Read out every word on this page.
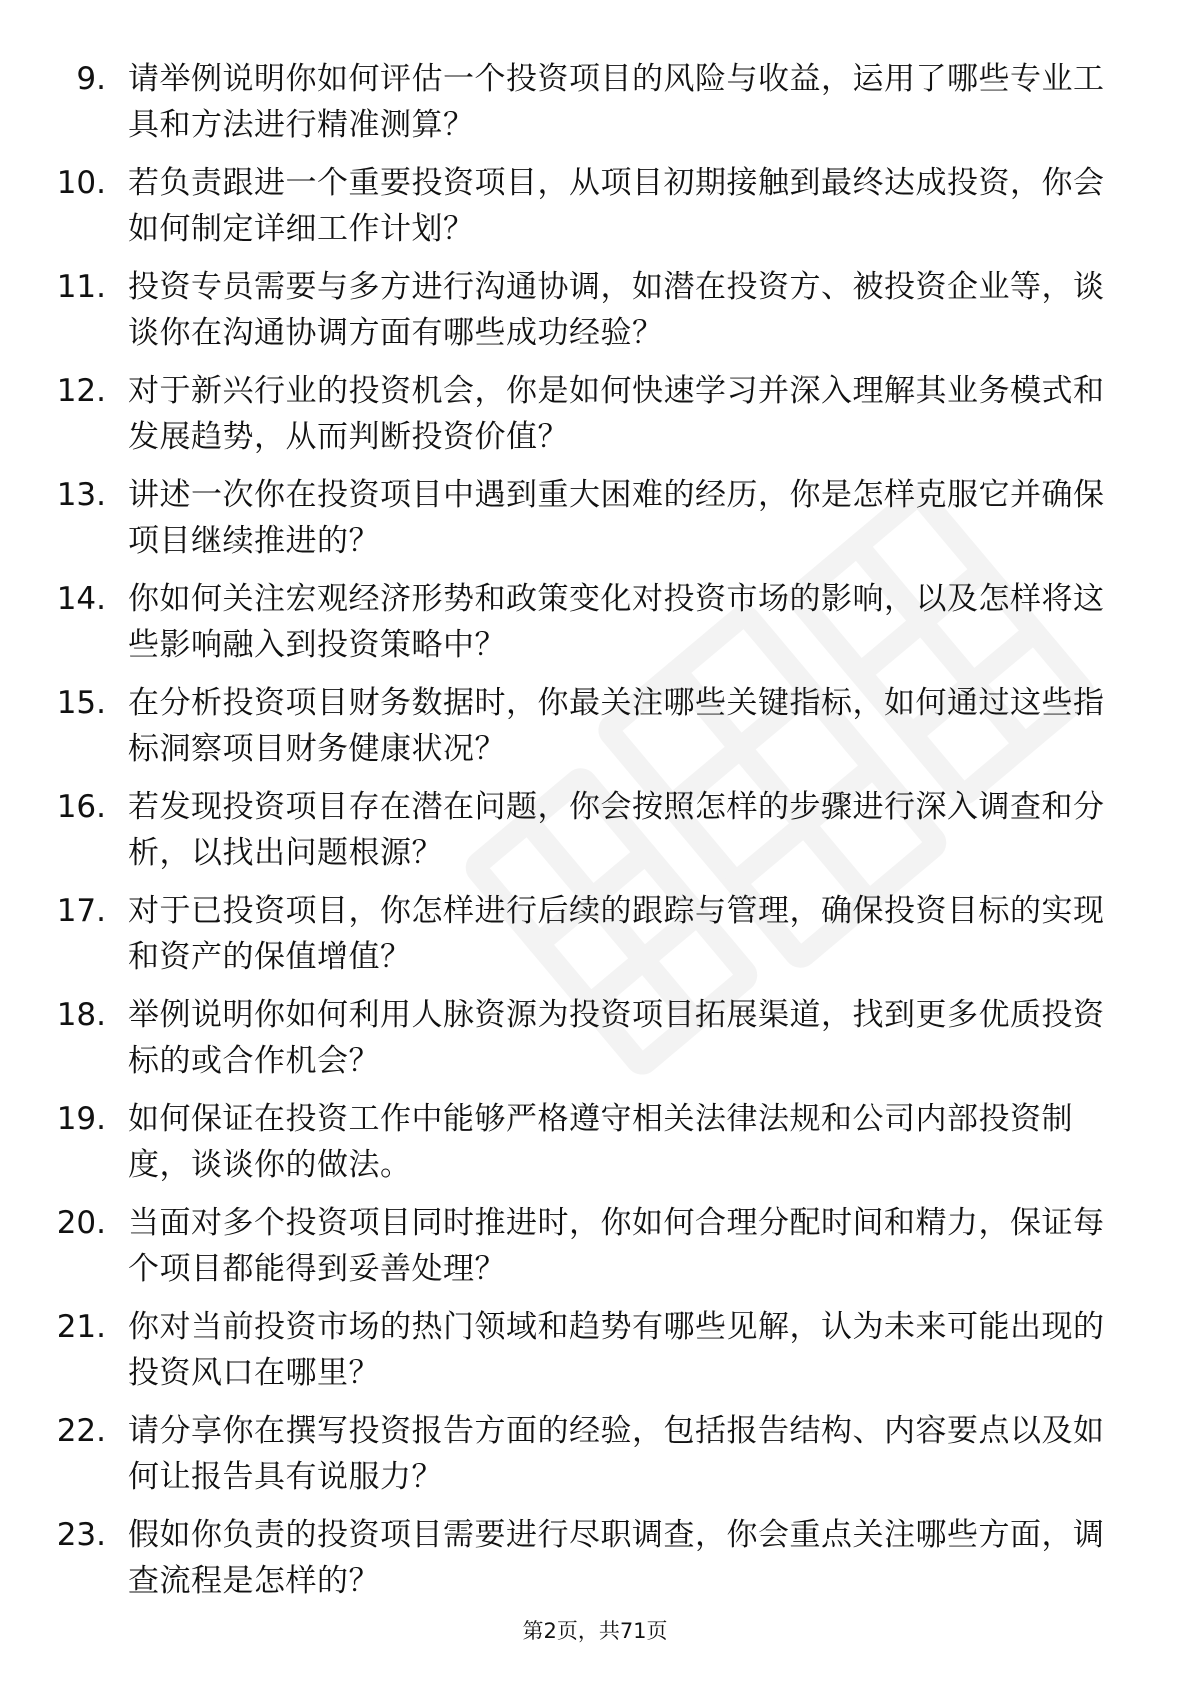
9. 请举例说明你如何评估一个投资项目的风险与收益，运用了哪些专业工具和方法进行精准测算？
10. 若负责跟进一个重要投资项目，从项目初期接触到最终达成投资，你会如何制定详细工作计划？
11. 投资专员需要与多方进行沟通协调，如潜在投资方、被投资企业等，谈谈你在沟通协调方面有哪些成功经验？
12. 对于新兴行业的投资机会，你是如何快速学习并深入理解其业务模式和发展趋势，从而判断投资价值？
13. 讲述一次你在投资项目中遇到重大困难的经历，你是怎样克服它并确保项目继续推进的？
14. 你如何关注宏观经济形势和政策变化对投资市场的影响，以及怎样将这些影响融入到投资策略中？
15. 在分析投资项目财务数据时，你最关注哪些关键指标，如何通过这些指标洞察项目财务健康状况？
16. 若发现投资项目存在潜在问题，你会按照怎样的步骤进行深入调查和分析，以找出问题根源？
17. 对于已投资项目，你怎样进行后续的跟踪与管理，确保投资目标的实现和资产的保值增值？
18. 举例说明你如何利用人脉资源为投资项目拓展渠道，找到更多优质投资标的或合作机会？
19. 如何保证在投资工作中能够严格遵守相关法律法规和公司内部投资制度，谈谈你的做法。
20. 当面对多个投资项目同时推进时，你如何合理分配时间和精力，保证每个项目都能得到妥善处理？
21. 你对当前投资市场的热门领域和趋势有哪些见解，认为未来可能出现的投资风口在哪里？
22. 请分享你在撰写投资报告方面的经验，包括报告结构、内容要点以及如何让报告具有说服力？
23. 假如你负责的投资项目需要进行尽职调查，你会重点关注哪些方面，调查流程是怎样的？
第2页，共71页
